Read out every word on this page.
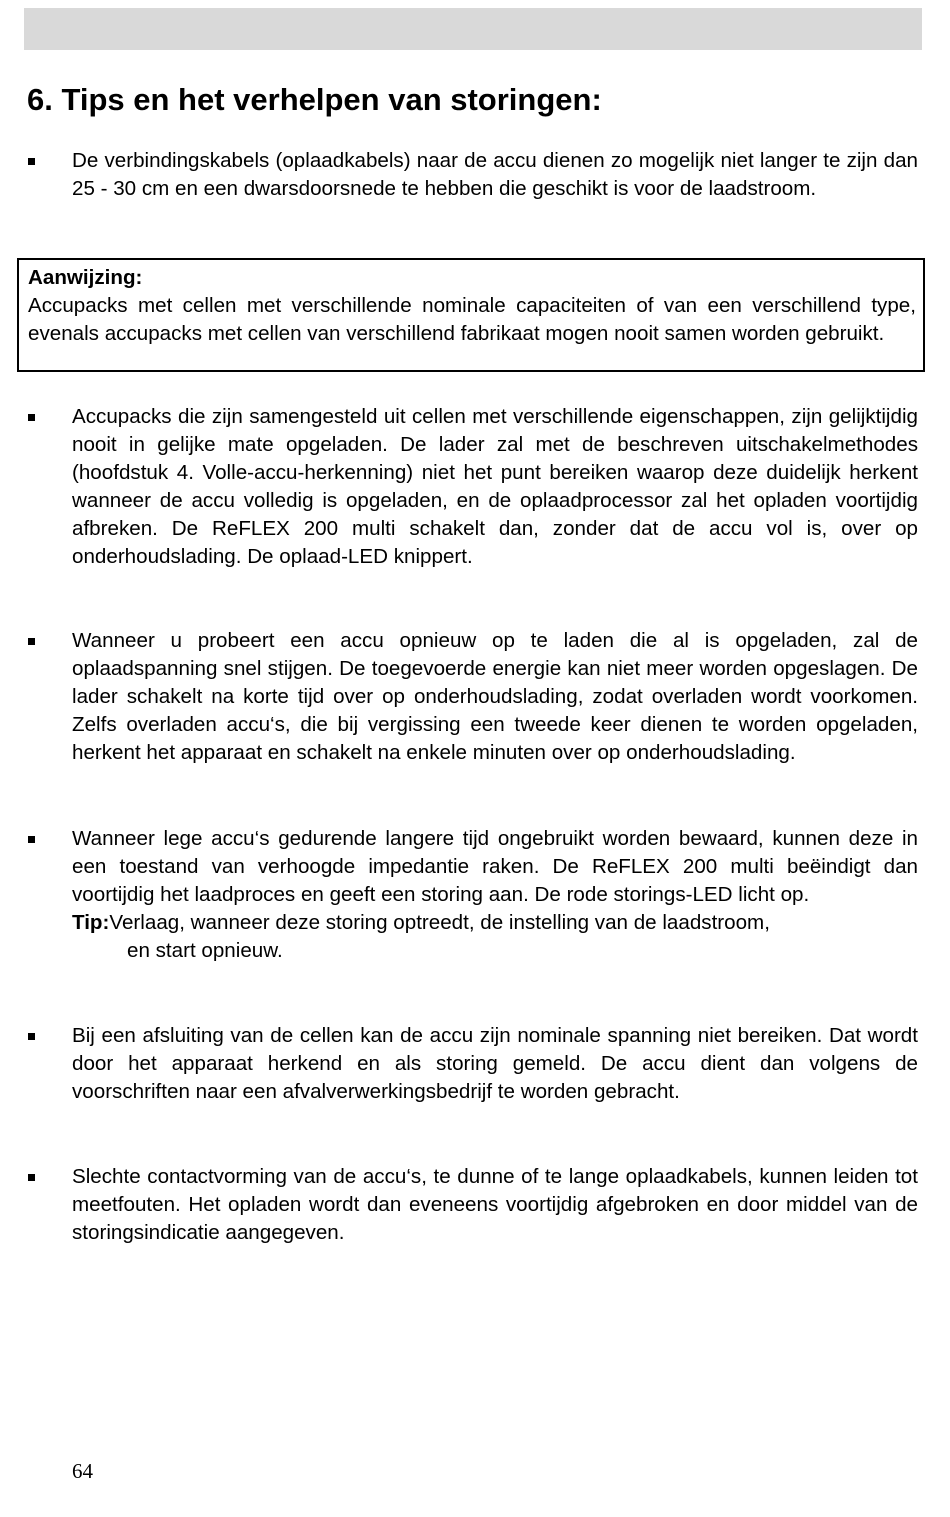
6. Tips en het verhelpen van storingen:
De verbindingskabels (oplaadkabels) naar de accu dienen zo mogelijk niet langer te zijn dan 25 - 30 cm en een dwarsdoorsnede te hebben die geschikt is voor de laadstroom.
Aanwijzing:
Accupacks met cellen met verschillende nominale capaciteiten of van een verschillend type, evenals accupacks met cellen van verschillend fabrikaat mogen nooit samen worden gebruikt.
Accupacks die zijn samengesteld uit cellen met verschillende eigenschappen, zijn gelijktijdig nooit in gelijke mate opgeladen. De lader zal met de beschreven uitschakelmethodes (hoofdstuk 4. Volle-accu-herkenning) niet het punt bereiken waarop deze duidelijk herkent wanneer de accu volledig is opgeladen, en de oplaadprocessor zal het opladen voortijdig afbreken. De ReFLEX 200 multi schakelt dan, zonder dat de accu vol is, over op onderhoudslading. De oplaad-LED knippert.
Wanneer u probeert een accu opnieuw op te laden die al is opgeladen, zal de oplaadspanning snel stijgen. De toegevoerde energie kan niet meer worden opgeslagen. De lader schakelt na korte tijd over op onderhoudslading, zodat overladen wordt voorkomen. Zelfs overladen accu‘s, die bij vergissing een tweede keer dienen te worden opgeladen, herkent het apparaat en schakelt na enkele minuten over op onderhoudslading.
Wanneer lege accu‘s gedurende langere tijd ongebruikt worden bewaard, kunnen deze in een toestand van verhoogde impedantie raken. De ReFLEX 200 multi beëindigt dan voortijdig het laadproces en geeft een storing aan. De rode storings-LED licht op.
Tip: Verlaag, wanneer deze storing optreedt, de instelling van de laadstroom,
en start opnieuw.
Bij een afsluiting van de cellen kan de accu zijn nominale spanning niet bereiken. Dat wordt door het apparaat herkend en als storing gemeld. De accu dient dan volgens de voorschriften naar een afvalverwerkingsbedrijf te worden gebracht.
Slechte contactvorming van de accu‘s, te dunne of te lange oplaadkabels, kunnen leiden tot meetfouten. Het opladen wordt dan eveneens voortijdig afgebroken en door middel van de storingsindicatie aangegeven.
64
